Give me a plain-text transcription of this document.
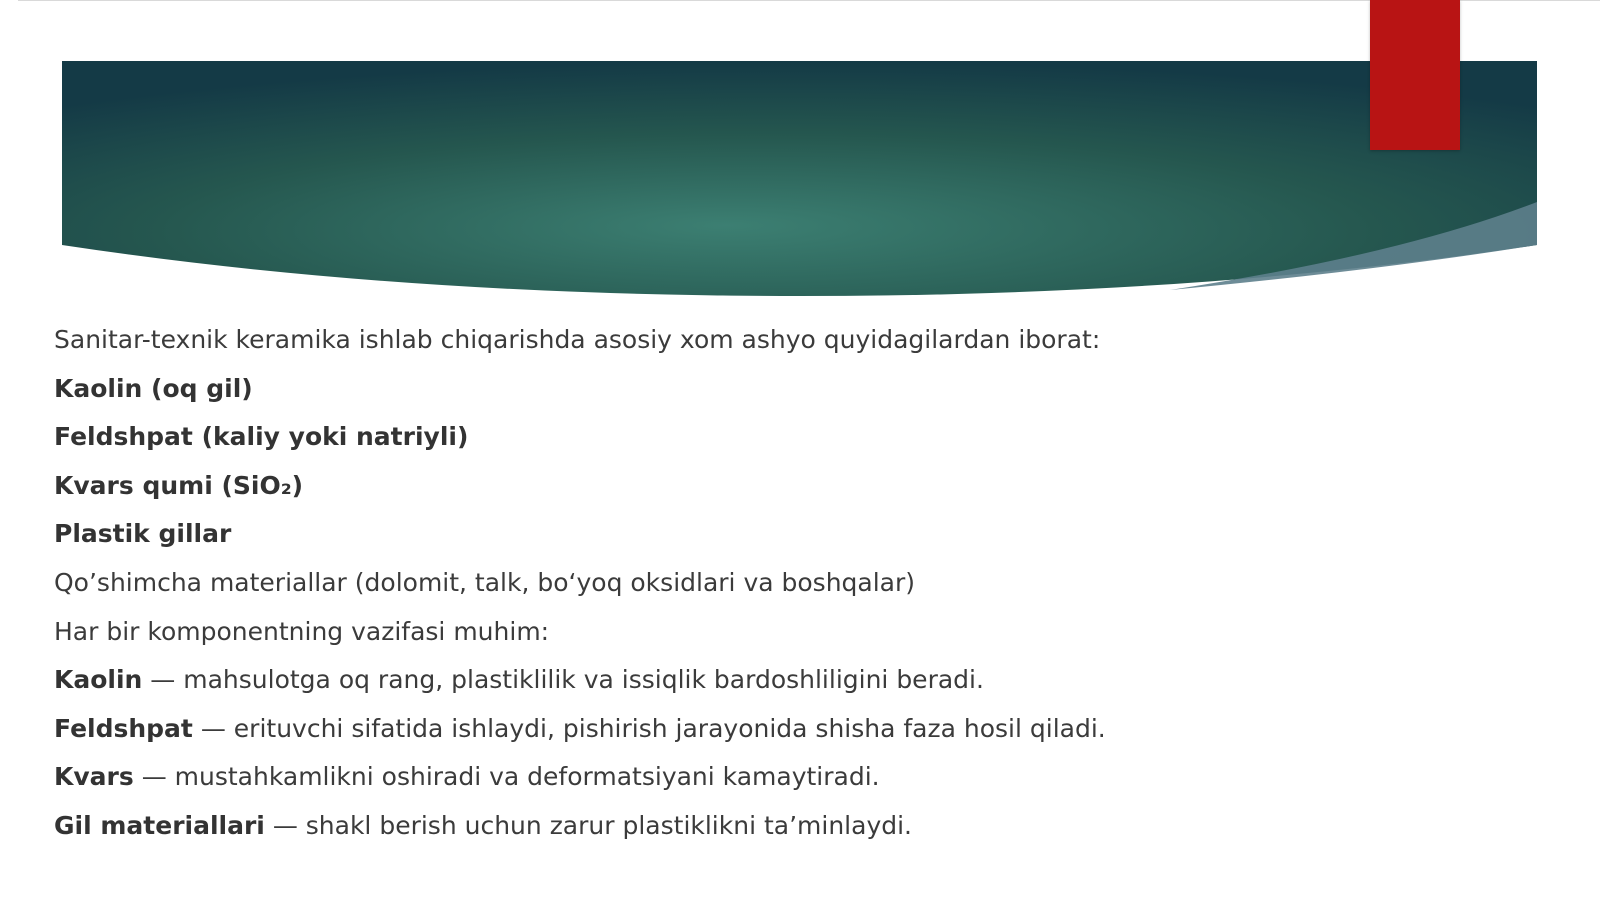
Sanitar-texnik keramika ishlab chiqarishda asosiy xom ashyo quyidagilardan iborat:
Kaolin (oq gil)
Feldshpat (kaliy yoki natriyli)
Kvars qumi (SiO₂)
Plastik gillar
Qo’shimcha materiallar (dolomit, talk, bo‘yoq oksidlari va boshqalar)
Har bir komponentning vazifasi muhim:
Kaolin — mahsulotga oq rang, plastiklilik va issiqlik bardoshliligini beradi.
Feldshpat — erituvchi sifatida ishlaydi, pishirish jarayonida shisha faza hosil qiladi.
Kvars — mustahkamlikni oshiradi va deformatsiyani kamaytiradi.
Gil materiallari — shakl berish uchun zarur plastiklikni ta’minlaydi.
